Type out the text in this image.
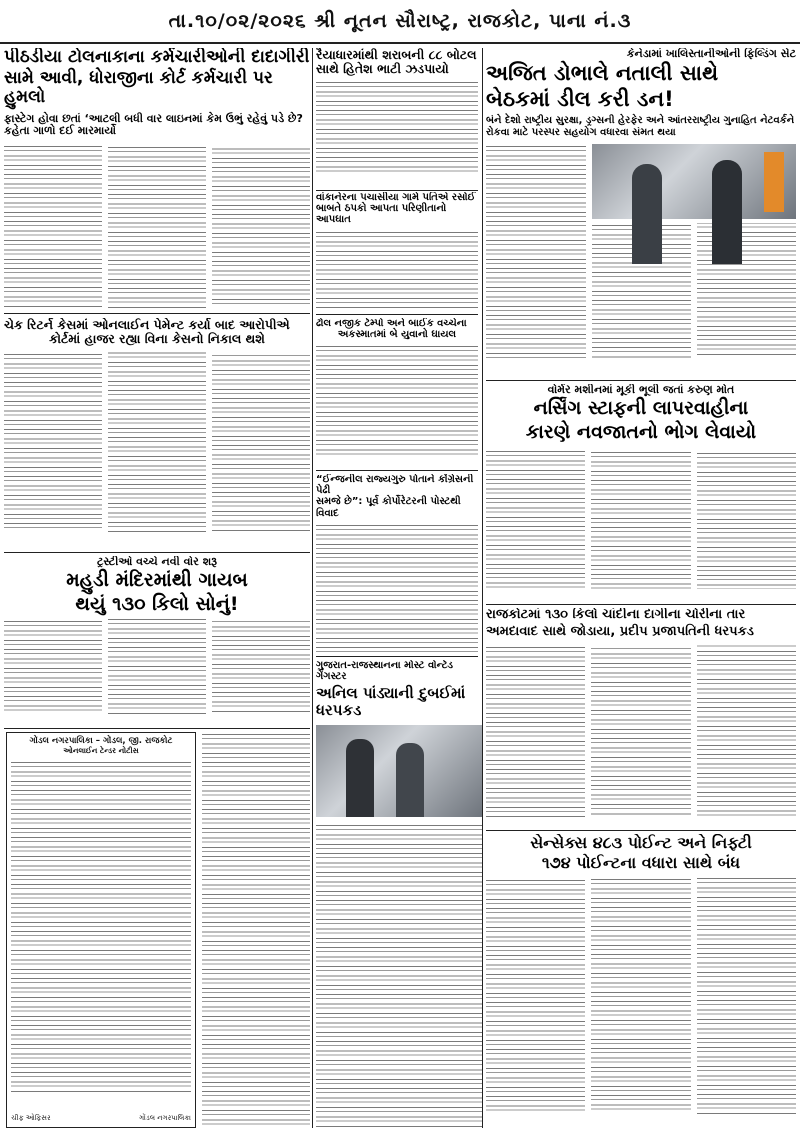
તા.૧૦/૦૨/૨૦૨૬ શ્રી નૂતન સૌરાષ્ટ્ર, રાજકોટ, પાના નં.૩
પીઠડીયા ટોલનાકાના કર્મચારીઓની દાદાગીરી
સામે આવી, ધોરાજીના કોર્ટ કર્મચારી પર હુમલો
ફાસ્ટેગ હોવા છતાં ‘આટલી બધી વાર લાઇનમાં કેમ ઉભું રહેવું પડે છે? કહેતા ગાળો દઈ મારમાર્યો
રૈયાધારમાંથી શરાબની ૮૮ બોટલ સાથે હિતેશ ભાટી ઝડપાયો
વાંકાનેરના પચાસીયા ગામે પતિએ રસોઈ
બાબતે ઠપકો આપતા પરિણીતાનો આપઘાત
કેનેડામાં ખાલિસ્તાનીઓની ફિલ્ડિંગ સેટ
અજિત ડોભાલે નતાલી સાથે
બેઠકમાં ડીલ કરી ડન!
બંને દેશો રાષ્ટ્રીય સુરક્ષા, ડ્રગ્સની હેરફેર અને આંતરરાષ્ટ્રીય ગુનાહિત નેટવર્કને રોકવા માટે પરસ્પર સહયોગ વધારવા સંમત થયા
ચેક રિટર્ન કેસમાં ઓનલાઈન પેમેન્ટ કર્યા બાદ આરોપીએ
કોર્ટમાં હાજર રહ્યા વિના કેસનો નિકાલ થશે
ઢોલ નજીક ટેમ્પો અને બાઈક વચ્ચેના
અકસ્માતમાં બે યુવાનો ઘાયલ
“ઈન્જનીલ રાજ્યગુરુ પોતાને કોંગ્રેસની પેઢી
સમજે છે”: પૂર્વ કોર્પોરેટરની પોસ્ટથી વિવાદ
વોર્મર મશીનમાં મૂકી ભૂલી જતાં કરુણ મોત
નર્સિંગ સ્ટાફની લાપરવાહીના
કારણે નવજાતનો ભોગ લેવાયો
ટ્રસ્ટીઓ વચ્ચે નવી વોર શરૂ
મહુડી મંદિરમાંથી ગાયબ
થયું ૧૩૦ કિલો સોનું!
ગોંડલ નગરપાલિકા – ગોંડલ, જી. રાજકોટ
ઓનલાઈન ટેન્ડર નોટીસ
ચીફ ઓફિસર	ગોંડલ નગરપાલિકા
ગુજરાત-રાજસ્થાનના મોસ્ટ વોન્ટેડ ગેંગસ્ટર
અનિલ પાંડ્યાની દુબઈમાં ધરપકડ
રાજકોટમાં ૧૩૦ કિલો ચાંદીના દાગીના ચોરીના તાર
અમદાવાદ સાથે જોડાયા, પ્રદીપ પ્રજાપતિની ધરપકડ
સેન્સેક્સ ૪૮૩ પોઈન્ટ અને નિફ્ટી
૧૭૪ પોઈન્ટના વધારા સાથે બંધ
